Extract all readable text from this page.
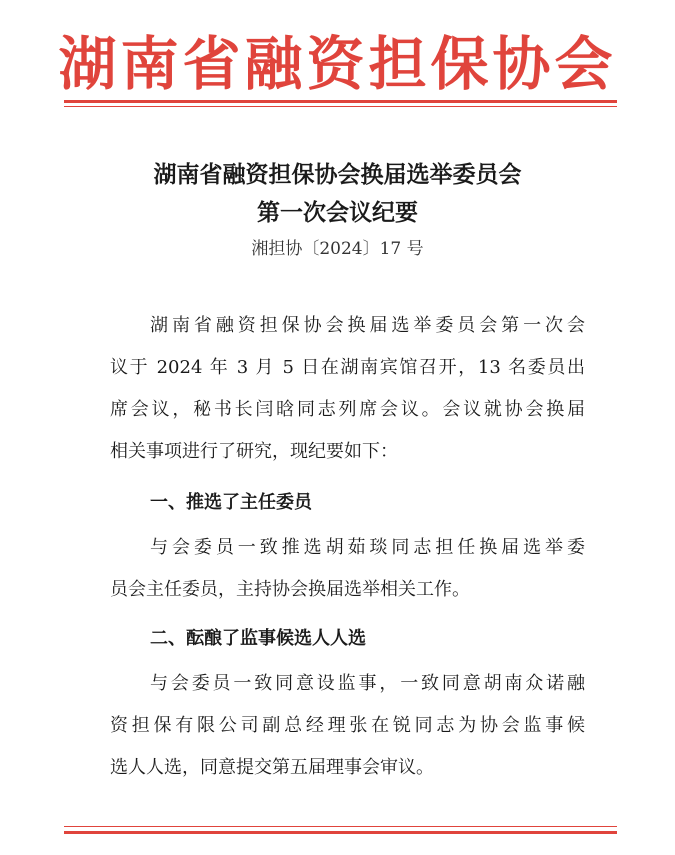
湖南省融资担保协会
湖南省融资担保协会换届选举委员会
第一次会议纪要
湘担协〔2024〕17 号
湖南省融资担保协会换届选举委员会第一次会
议于 2024 年 3 月 5 日在湖南宾馆召开，13 名委员出
席会议，秘书长闫晗同志列席会议。会议就协会换届
相关事项进行了研究，现纪要如下：
一、推选了主任委员
与会委员一致推选胡茹琰同志担任换届选举委
员会主任委员，主持协会换届选举相关工作。
二、酝酿了监事候选人人选
与会委员一致同意设监事，一致同意胡南众诺融
资担保有限公司副总经理张在锐同志为协会监事候
选人人选，同意提交第五届理事会审议。
